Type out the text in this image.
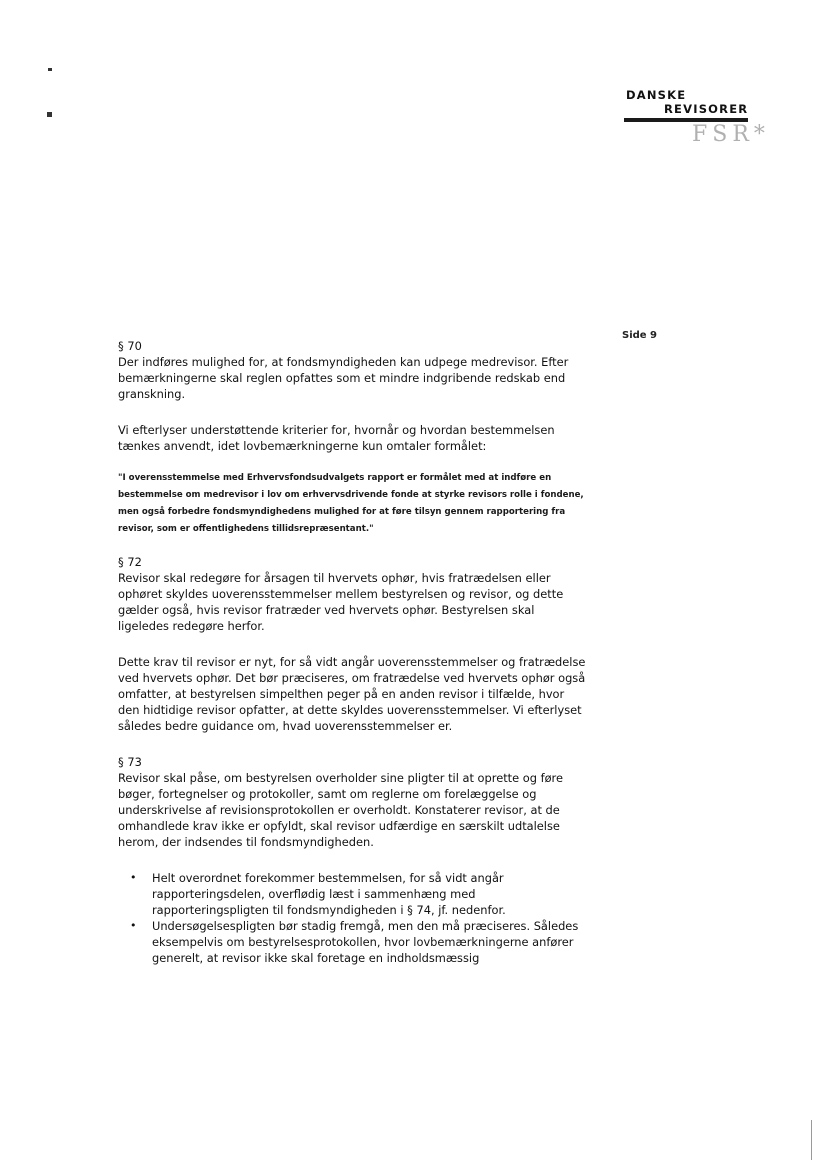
DANSKE
REVISORER
FSR*
Side 9

§ 70

Der indføres mulighed for, at fondsmyndigheden kan udpege medrevisor. Efter bemærkningerne skal reglen opfattes som et mindre indgribende redskab end granskning.

Vi efterlyser understøttende kriterier for, hvornår og hvordan bestemmelsen tænkes anvendt, idet lovbemærkningerne kun omtaler formålet:

"I overensstemmelse med Erhvervsfondsudvalgets rapport er formålet med at indføre en bestemmelse om medrevisor i lov om erhvervsdrivende fonde at styrke revisors rolle i fondene, men også forbedre fondsmyndighedens mulighed for at føre tilsyn gennem rapportering fra revisor, som er offentlighedens tillidsrepræsentant."

§ 72

Revisor skal redegøre for årsagen til hvervets ophør, hvis fratrædelsen eller ophøret skyldes uoverensstemmelser mellem bestyrelsen og revisor, og dette gælder også, hvis revisor fratræder ved hvervets ophør. Bestyrelsen skal ligeledes redegøre herfor.

Dette krav til revisor er nyt, for så vidt angår uoverensstemmelser og fratrædelse ved hvervets ophør. Det bør præciseres, om fratrædelse ved hvervets ophør også omfatter, at bestyrelsen simpelthen peger på en anden revisor i tilfælde, hvor den hidtidige revisor opfatter, at dette skyldes uoverensstemmelser. Vi efterlyset således bedre guidance om, hvad uoverensstemmelser er.

§ 73

Revisor skal påse, om bestyrelsen overholder sine pligter til at oprette og føre bøger, fortegnelser og protokoller, samt om reglerne om forelæggelse og underskrivelse af revisionsprotokollen er overholdt. Konstaterer revisor, at de omhandlede krav ikke er opfyldt, skal revisor udfærdige en særskilt udtalelse herom, der indsendes til fondsmyndigheden.

• Helt overordnet forekommer bestemmelsen, for så vidt angår rapporteringsdelen, overflødig læst i sammenhæng med rapporteringspligten til fondsmyndigheden i § 74, jf. nedenfor.
• Undersøgelsespligten bør stadig fremgå, men den må præciseres. Således eksempelvis om bestyrelsesprotokollen, hvor lovbemærkningerne anfører generelt, at revisor ikke skal foretage en indholdsmæssig
